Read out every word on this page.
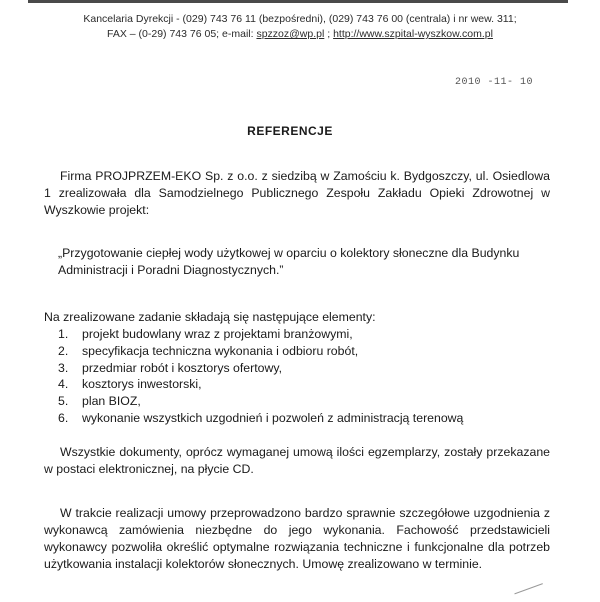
Kancelaria Dyrekcji - (029) 743 76 11 (bezpośredni), (029) 743 76 00 (centrala) i nr wew. 311;
FAX – (0-29) 743 76 05; e-mail: spzzoz@wp.pl ; http://www.szpital-wyszkow.com.pl
2010 -11- 10
REFERENCJE
Firma PROJPRZEM-EKO Sp. z o.o. z siedzibą w Zamościu k. Bydgoszczy, ul. Osiedlowa 1 zrealizowała dla Samodzielnego Publicznego Zespołu Zakładu Opieki Zdrowotnej w Wyszkowie projekt:
„Przygotowanie ciepłej wody użytkowej w oparciu o kolektory słoneczne dla Budynku Administracji i Poradni Diagnostycznych.”
Na zrealizowane zadanie składają się następujące elementy:
1.	projekt budowlany wraz z projektami branżowymi,
2.	specyfikacja techniczna wykonania i odbioru robót,
3.	przedmiar robót i kosztorys ofertowy,
4.	kosztorys inwestorski,
5.	plan BIOZ,
6.	wykonanie wszystkich uzgodnień i pozwoleń z administracją terenową
Wszystkie dokumenty, oprócz wymaganej umową ilości egzemplarzy, zostały przekazane w postaci elektronicznej, na płycie CD.
W trakcie realizacji umowy przeprowadzono bardzo sprawnie szczegółowe uzgodnienia z wykonawcą zamówienia niezbędne do jego wykonania. Fachowość przedstawicieli wykonawcy pozwoliła określić optymalne rozwiązania techniczne i funkcjonalne dla potrzeb użytkowania instalacji kolektorów słonecznych. Umowę zrealizowano w terminie.
